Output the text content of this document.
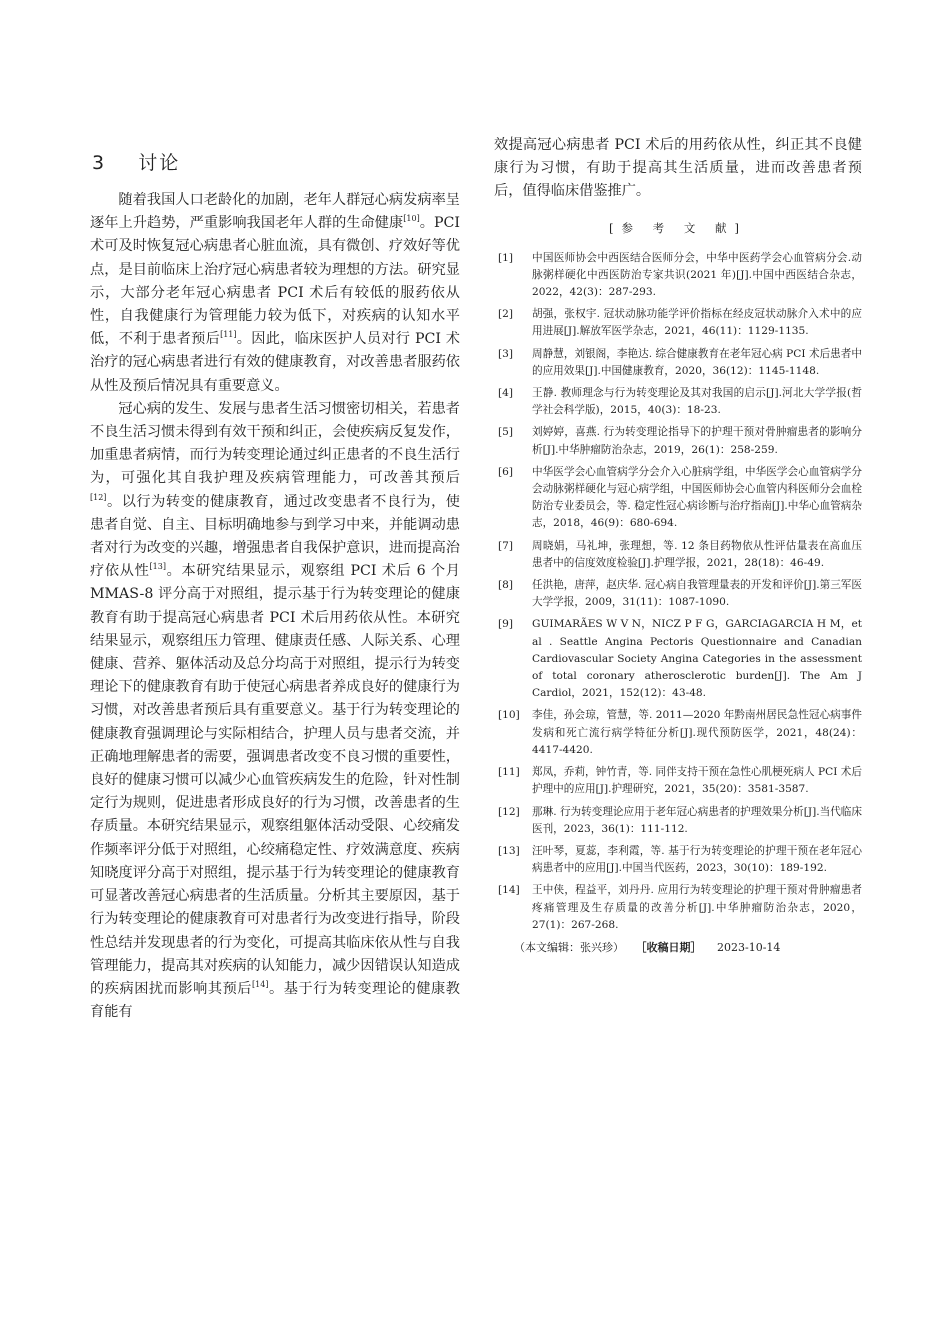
3 讨论

随着我国人口老龄化的加剧，老年人群冠心病发病率呈逐年上升趋势，严重影响我国老年人群的生命健康[10]。PCI 术可及时恢复冠心病患者心脏血流，具有微创、疗效好等优点，是目前临床上治疗冠心病患者较为理想的方法。研究显示，大部分老年冠心病患者 PCI 术后有较低的服药依从性，自我健康行为管理能力较为低下，对疾病的认知水平低，不利于患者预后[11]。因此，临床医护人员对行 PCI 术治疗的冠心病患者进行有效的健康教育，对改善患者服药依从性及预后情况具有重要意义。

冠心病的发生、发展与患者生活习惯密切相关，若患者不良生活习惯未得到有效干预和纠正，会使疾病反复发作，加重患者病情，而行为转变理论通过纠正患者的不良生活行为，可强化其自我护理及疾病管理能力，可改善其预后[12]。以行为转变的健康教育，通过改变患者不良行为，使患者自觉、自主、目标明确地参与到学习中来，并能调动患者对行为改变的兴趣，增强患者自我保护意识，进而提高治疗依从性[13]。本研究结果显示，观察组 PCI 术后 6 个月 MMAS-8 评分高于对照组，提示基于行为转变理论的健康教育有助于提高冠心病患者 PCI 术后用药依从性。本研究结果显示，观察组压力管理、健康责任感、人际关系、心理健康、营养、躯体活动及总分均高于对照组，提示行为转变理论下的健康教育有助于使冠心病患者养成良好的健康行为习惯，对改善患者预后具有重要意义。基于行为转变理论的健康教育强调理论与实际相结合，护理人员与患者交流，并正确地理解患者的需要，强调患者改变不良习惯的重要性，良好的健康习惯可以减少心血管疾病发生的危险，针对性制定行为规则，促进患者形成良好的行为习惯，改善患者的生存质量。本研究结果显示，观察组躯体活动受限、心绞痛发作频率评分低于对照组，心绞痛稳定性、疗效满意度、疾病知晓度评分高于对照组，提示基于行为转变理论的健康教育可显著改善冠心病患者的生活质量。分析其主要原因，基于行为转变理论的健康教育可对患者行为改变进行指导，阶段性总结并发现患者的行为变化，可提高其临床依从性与自我管理能力，提高其对疾病的认知能力，减少因错误认知造成的疾病困扰而影响其预后[14]。基于行为转变理论的健康教育能有

效提高冠心病患者 PCI 术后的用药依从性，纠正其不良健康行为习惯，有助于提高其生活质量，进而改善患者预后，值得临床借鉴推广。

[参 考 文 献]
[1]	中国医师协会中西医结合医师分会，中华中医药学会心血管病分会.动脉粥样硬化中西医防治专家共识(2021 年)[J].中国中西医结合杂志，2022，42(3)：287-293.
[2]	胡强，张权宇. 冠状动脉功能学评价指标在经皮冠状动脉介入术中的应用进展[J].解放军医学杂志，2021，46(11)：1129-1135.
[3]	周静慧，刘银阁，李艳达. 综合健康教育在老年冠心病 PCI 术后患者中的应用效果[J].中国健康教育，2020，36(12)：1145-1148.
[4]	王静. 教师理念与行为转变理论及其对我国的启示[J].河北大学学报(哲学社会科学版)，2015，40(3)：18-23.
[5]	刘婷婷，喜燕. 行为转变理论指导下的护理干预对骨肿瘤患者的影响分析[J].中华肿瘤防治杂志，2019，26(1)：258-259.
[6]	中华医学会心血管病学分会介入心脏病学组，中华医学会心血管病学分会动脉粥样硬化与冠心病学组，中国医师协会心血管内科医师分会血栓防治专业委员会，等. 稳定性冠心病诊断与治疗指南[J].中华心血管病杂志，2018，46(9)：680-694.
[7]	周晓娟，马礼坤，张理想，等. 12 条目药物依从性评估量表在高血压患者中的信度效度检验[J].护理学报，2021，28(18)：46-49.
[8]	任洪艳，唐萍，赵庆华. 冠心病自我管理量表的开发和评价[J].第三军医大学学报，2009，31(11)：1087-1090.
[9]	GUIMARÃES W V N，NICZ P F G，GARCIAGARCIA H M，et al . Seattle Angina Pectoris Questionnaire and Canadian Cardiovascular Society Angina Categories in the assessment of total coronary atherosclerotic burden[J]. The Am J Cardiol，2021，152(12)：43-48.
[10]	李佳，孙会琼，管慧，等. 2011—2020 年黔南州居民急性冠心病事件发病和死亡流行病学特征分析[J].现代预防医学，2021，48(24)：4417-4420.
[11]	郑凤，乔莉，钟竹青，等. 同伴支持干预在急性心肌梗死病人 PCI 术后护理中的应用[J].护理研究，2021，35(20)：3581-3587.
[12]	那琳. 行为转变理论应用于老年冠心病患者的护理效果分析[J].当代临床医刊，2023，36(1)：111-112.
[13]	汪叶琴，夏蕊，李利霞，等. 基于行为转变理论的护理干预在老年冠心病患者中的应用[J].中国当代医药，2023，30(10)：189-192.
[14]	王中侠，程益平，刘丹丹. 应用行为转变理论的护理干预对骨肿瘤患者疼痛管理及生存质量的改善分析[J].中华肿瘤防治杂志，2020，27(1)：267-268.
（本文编辑：张兴珍） ［收稿日期］ 2023-10-14
